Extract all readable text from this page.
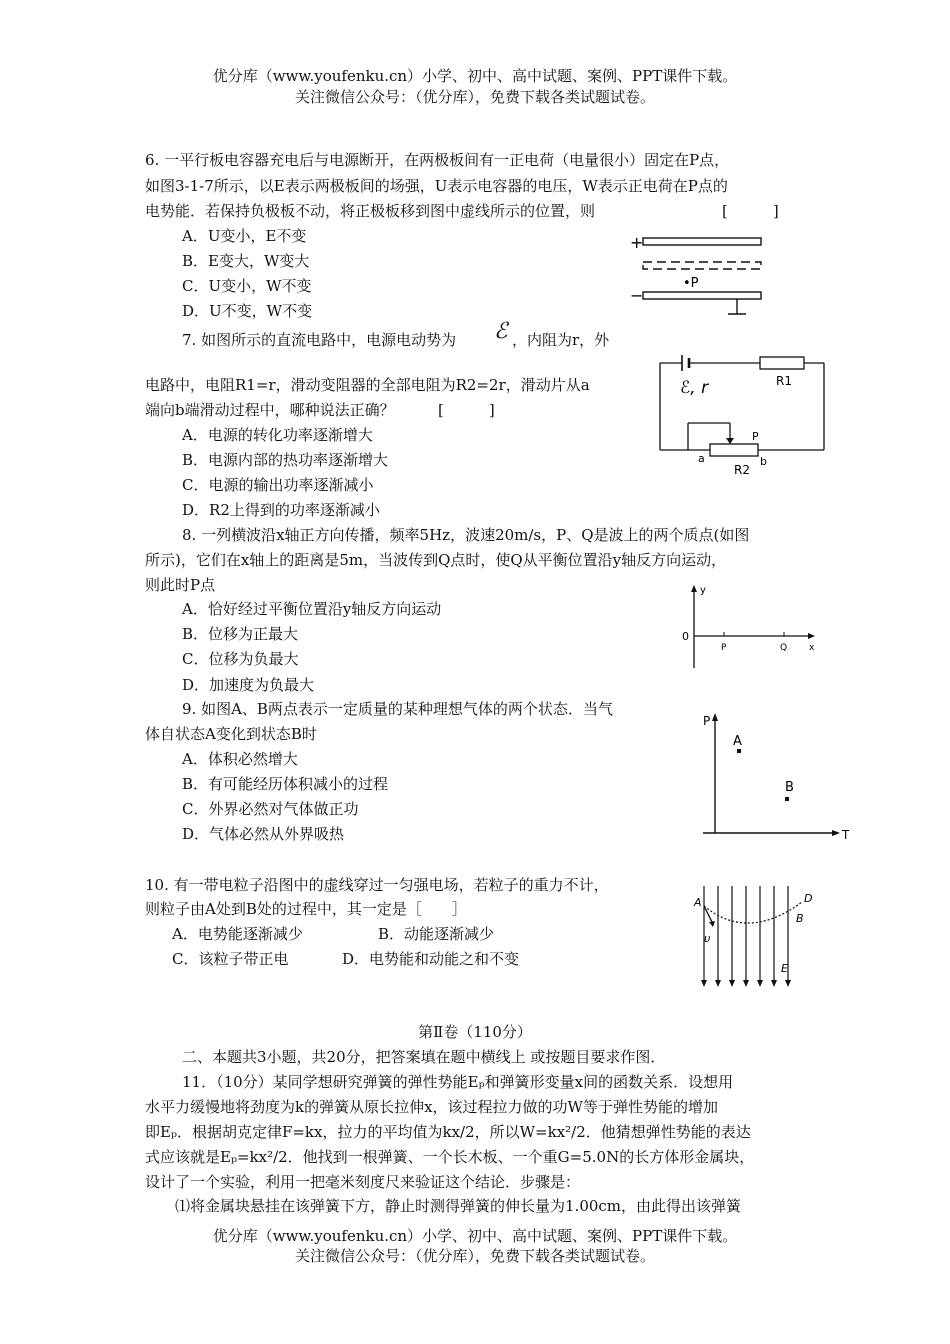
优分库（www.youfenku.cn）小学、初中、高中试题、案例、PPT课件下载。
关注微信公众号：（优分库），免费下载各类试题试卷。
6. 一平行板电容器充电后与电源断开，在两极板间有一正电荷（电量很小）固定在P点，
如图3-1-7所示，以E表示两极板间的场强，U表示电容器的电压，W表示正电荷在P点的
电势能．若保持负极板不动，将正极板移到图中虚线所示的位置，则	[　　　]
A．U变小，E不变
B．E变大，W变大
C．U变小，W不变
D．U不变，W不变
+
•P
−
7. 如图所示的直流电路中，电源电动势为 ℰ ，内阻为r，外
电路中，电阻R1=r，滑动变阻器的全部电阻为R2=2r，滑动片从a
端向b端滑动过程中，哪种说法正确？	[　　　]
A．电源的转化功率逐渐增大
B．电源内部的热功率逐渐增大
C．电源的输出功率逐渐减小
D．R2上得到的功率逐渐减小
ℰ, r	R1
P
a	b
R2
8. 一列横波沿x轴正方向传播，频率5Hz，波速20m/s，P、Q是波上的两个质点(如图
所示)，它们在x轴上的距离是5m，当波传到Q点时，使Q从平衡位置沿y轴反方向运动，
则此时P点
A．恰好经过平衡位置沿y轴反方向运动
B．位移为正最大
C．位移为负最大
D．加速度为负最大
y
0
P	Q x
9. 如图A、B两点表示一定质量的某种理想气体的两个状态．当气
体自状态A变化到状态B时
A．体积必然增大
B．有可能经历体积减小的过程
C．外界必然对气体做正功
D．气体必然从外界吸热
P
A
B
T
10. 有一带电粒子沿图中的虚线穿过一匀强电场，若粒子的重力不计，
则粒子由A处到B处的过程中，其一定是［　　］
A．电势能逐渐减少	B．动能逐渐减少
C．该粒子带正电	D．电势能和动能之和不变
A
υ
D
B
E
第Ⅱ卷（110分）
二、本题共3小题，共20分，把答案填在题中横线上 或按题目要求作图．
11．（10分）某同学想研究弹簧的弹性势能Eₚ和弹簧形变量x间的函数关系．设想用
水平力缓慢地将劲度为k的弹簧从原长拉伸x，该过程拉力做的功W等于弹性势能的增加
即Eₚ．根据胡克定律F=kx，拉力的平均值为kx/2，所以W=kx²/2．他猜想弹性势能的表达
式应该就是Eₚ=kx²/2．他找到一根弹簧、一个长木板、一个重G=5.0N的长方体形金属块，
设计了一个实验，利用一把毫米刻度尺来验证这个结论．步骤是：
⑴将金属块悬挂在该弹簧下方，静止时测得弹簧的伸长量为1.00cm，由此得出该弹簧
优分库（www.youfenku.cn）小学、初中、高中试题、案例、PPT课件下载。
关注微信公众号：（优分库），免费下载各类试题试卷。
